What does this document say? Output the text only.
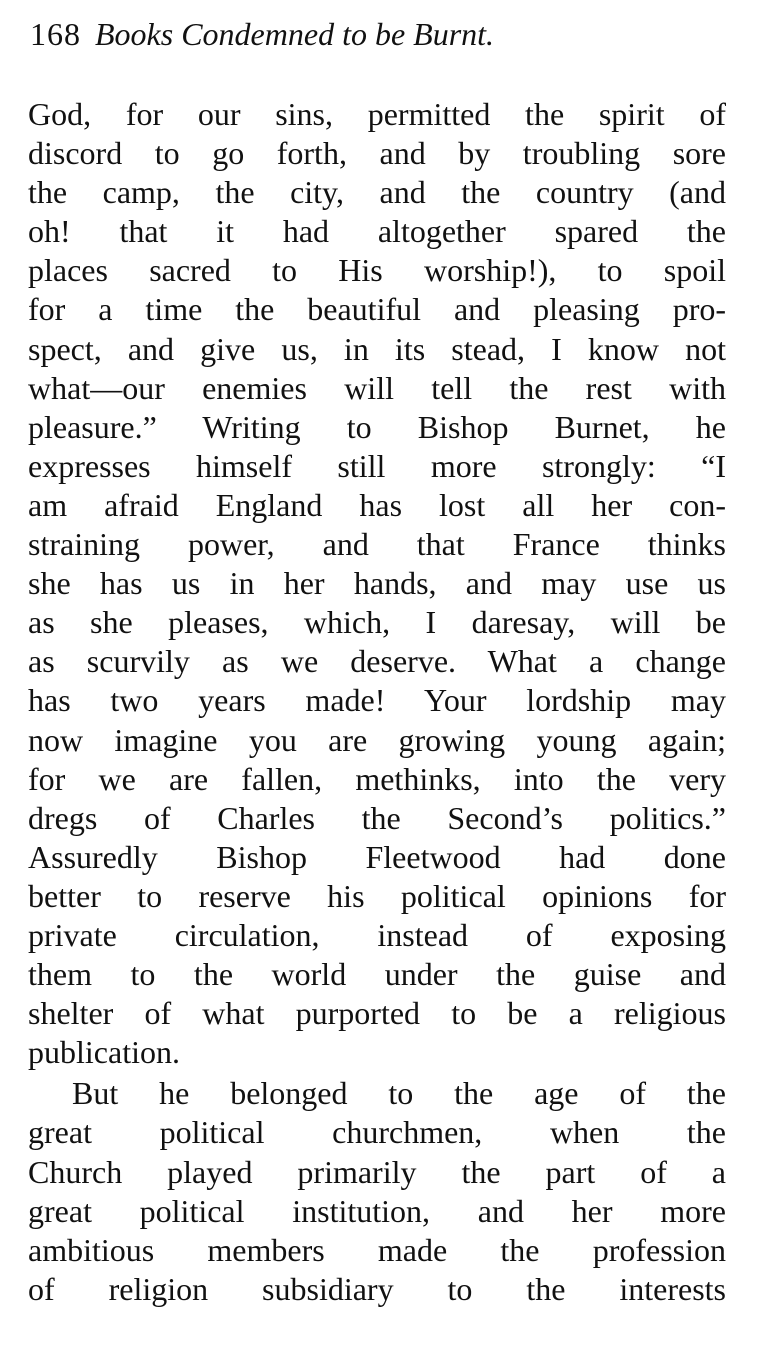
168 Books Condemned to be Burnt.
God, for our sins, permitted the spirit of
discord to go forth, and by troubling sore
the camp, the city, and the country (and
oh! that it had altogether spared the
places sacred to His worship!), to spoil
for a time the beautiful and pleasing pro-
spect, and give us, in its stead, I know not
what—our enemies will tell the rest with
pleasure.” Writing to Bishop Burnet, he
expresses himself still more strongly: “I
am afraid England has lost all her con-
straining power, and that France thinks
she has us in her hands, and may use us
as she pleases, which, I daresay, will be
as scurvily as we deserve. What a change
has two years made! Your lordship may
now imagine you are growing young again;
for we are fallen, methinks, into the very
dregs of Charles the Second’s politics.”
Assuredly Bishop Fleetwood had done
better to reserve his political opinions for
private circulation, instead of exposing
them to the world under the guise and
shelter of what purported to be a religious
publication.
But he belonged to the age of the
great political churchmen, when the
Church played primarily the part of a
great political institution, and her more
ambitious members made the profession
of religion subsidiary to the interests
